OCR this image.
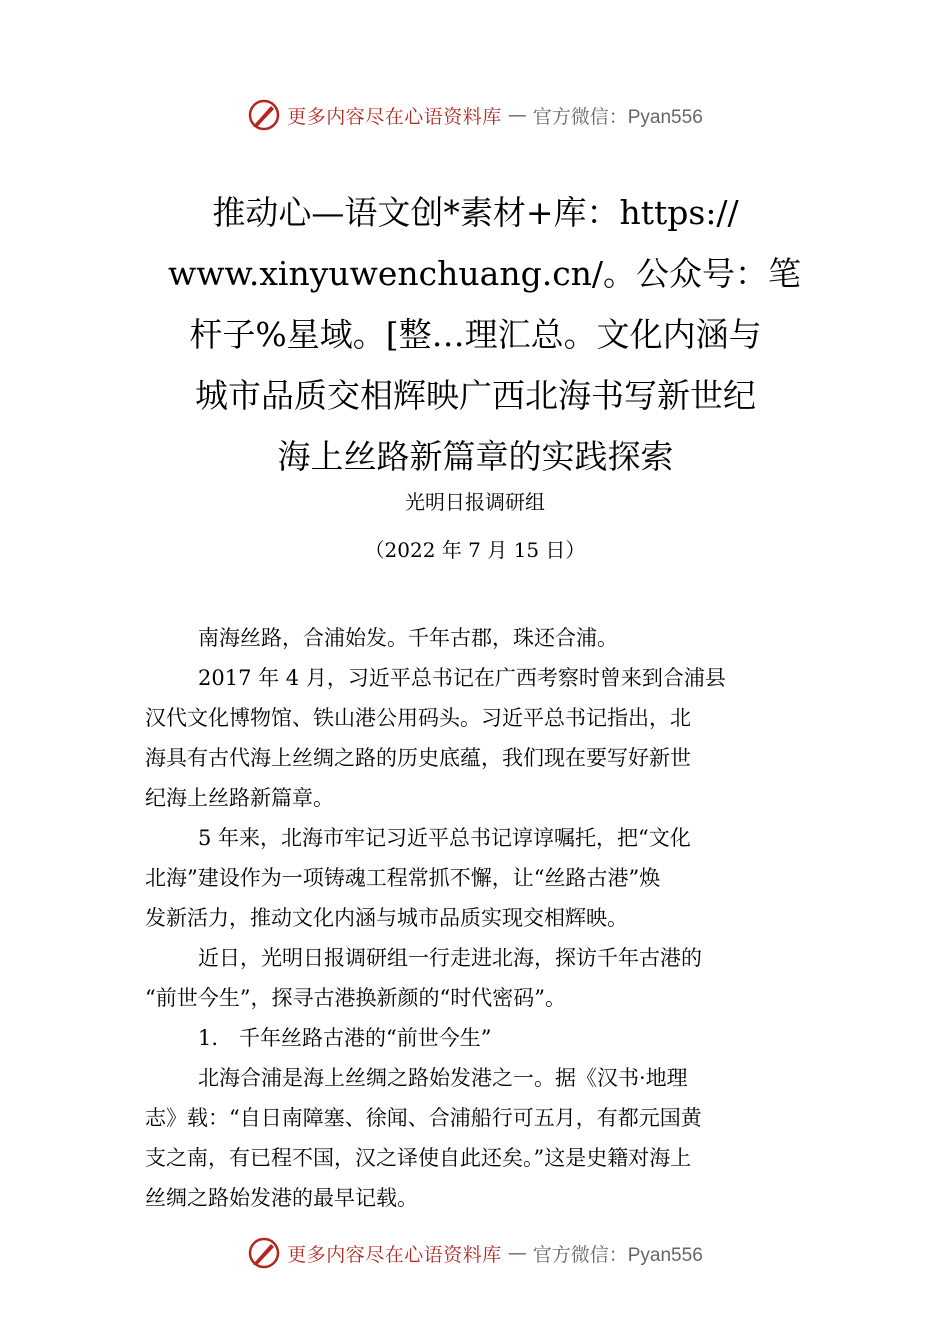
更多内容尽在心语资料库 — 官方微信：Pyan556
推动心—语文创*素材+库：https://
www.xinyuwenchuang.cn/。公众号：笔
杆子%星域。[整…理汇总。文化内涵与
城市品质交相辉映广西北海书写新世纪
海上丝路新篇章的实践探索
光明日报调研组
（2022 年 7 月 15 日）

南海丝路，合浦始发。千年古郡，珠还合浦。

2017 年 4 月，习近平总书记在广西考察时曾来到合浦县

汉代文化博物馆、铁山港公用码头。习近平总书记指出，北

海具有古代海上丝绸之路的历史底蕴，我们现在要写好新世

纪海上丝路新篇章。

5 年来，北海市牢记习近平总书记谆谆嘱托，把“文化

北海”建设作为一项铸魂工程常抓不懈，让“丝路古港”焕

发新活力，推动文化内涵与城市品质实现交相辉映。

近日，光明日报调研组一行走进北海，探访千年古港的

“前世今生”，探寻古港换新颜的“时代密码”。

1.　千年丝路古港的“前世今生”

北海合浦是海上丝绸之路始发港之一。据《汉书·地理

志》载：“自日南障塞、徐闻、合浦船行可五月，有都元国黄

支之南，有已程不国，汉之译使自此还矣。”这是史籍对海上

丝绸之路始发港的最早记载。

更多内容尽在心语资料库 — 官方微信：Pyan556
